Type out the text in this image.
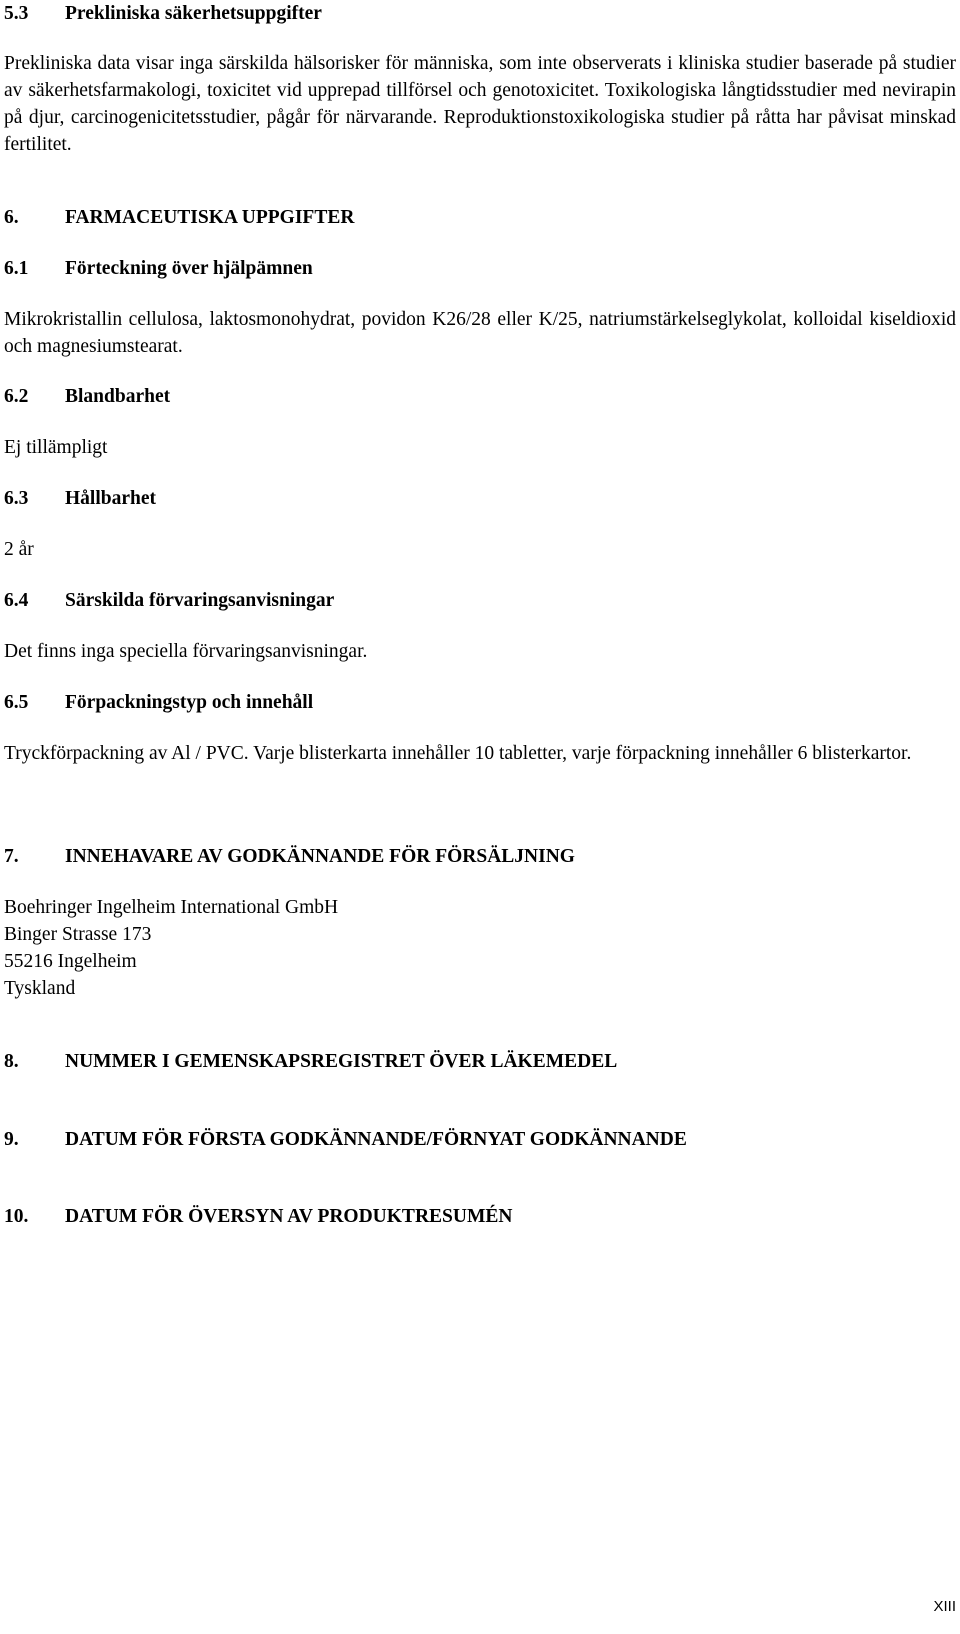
5.3 Prekliniska säkerhetsuppgifter
Prekliniska data visar inga särskilda hälsorisker för människa, som inte observerats i kliniska studier baserade på studier av säkerhetsfarmakologi, toxicitet vid upprepad tillförsel och genotoxicitet. Toxikologiska långtidsstudier med nevirapin på djur, carcinogenicitetsstudier, pågår för närvarande. Reproduktionstoxikologiska studier på råtta har påvisat minskad fertilitet.
6. FARMACEUTISKA UPPGIFTER
6.1 Förteckning över hjälpämnen
Mikrokristallin cellulosa, laktosmonohydrat, povidon K26/28 eller K/25, natriumstärkelseglykolat, kolloidal kiseldioxid och magnesiumstearat.
6.2 Blandbarhet
Ej tillämpligt
6.3 Hållbarhet
2 år
6.4 Särskilda förvaringsanvisningar
Det finns inga speciella förvaringsanvisningar.
6.5 Förpackningstyp och innehåll
Tryckförpackning av Al / PVC. Varje blisterkarta innehåller 10 tabletter, varje förpackning innehåller 6 blisterkartor.
7. INNEHAVARE AV GODKÄNNANDE FÖR FÖRSÄLJNING
Boehringer Ingelheim International GmbH
Binger Strasse 173
55216 Ingelheim
Tyskland
8. NUMMER I GEMENSKAPSREGISTRET ÖVER LÄKEMEDEL
9. DATUM FÖR FÖRSTA GODKÄNNANDE/FÖRNYAT GODKÄNNANDE
10. DATUM FÖR ÖVERSYN AV PRODUKTRESUMÉN
XIII
